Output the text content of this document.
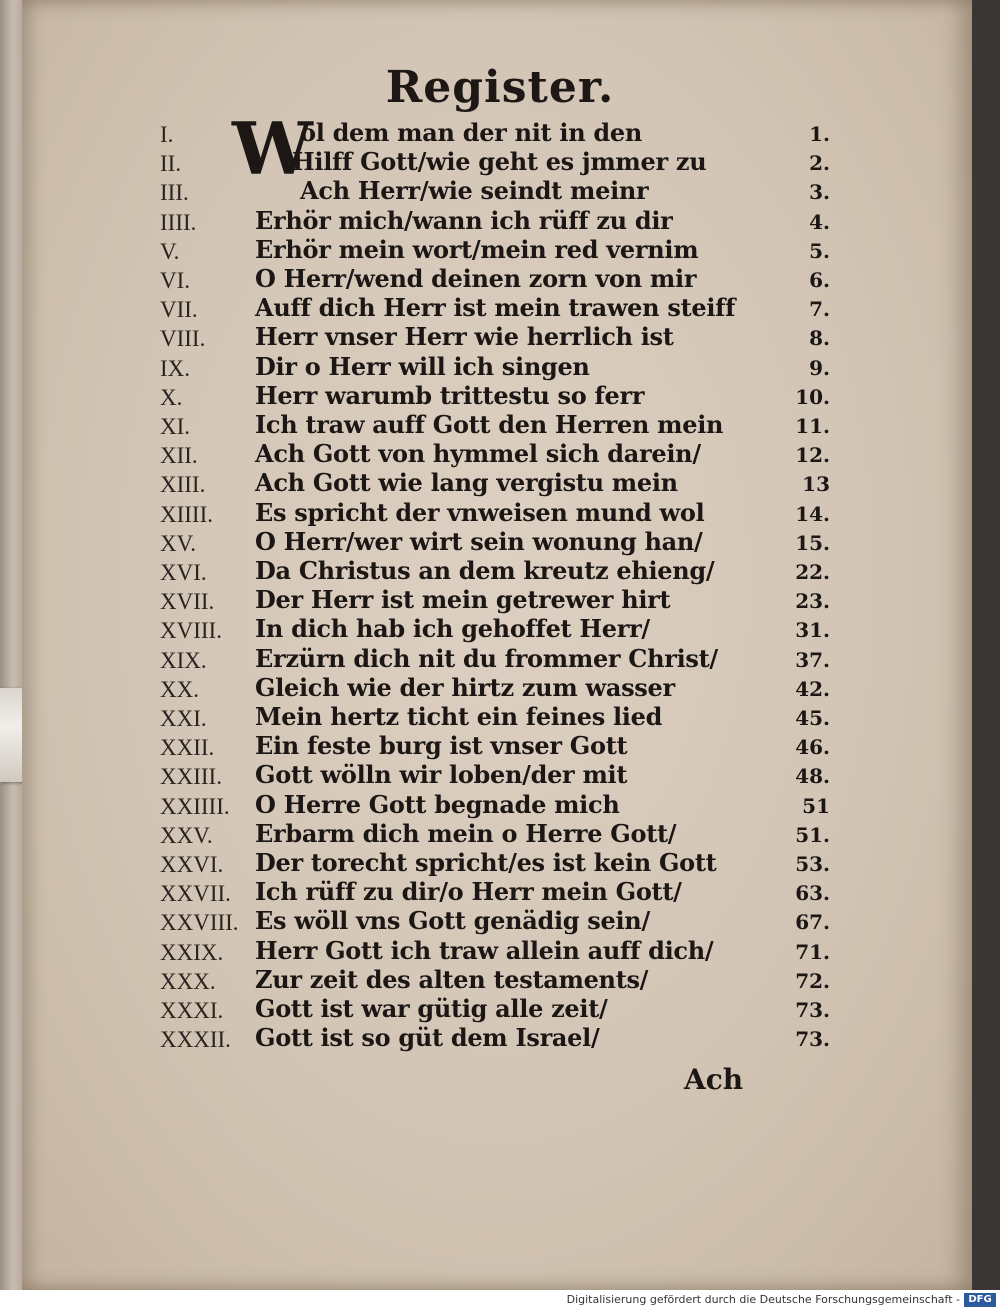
Register.
W
I.	ol dem man der nit in den	1.
II.	Hilff Gott/wie geht es jmmer zu	2.
III.	Ach Herr/wie seindt meinr	3.
IIII. Erhör mich/wann ich rüff zu dir	4.
V.	Erhör mein wort/mein red vernim	5.
VI.	O Herr/wend deinen zorn von mir	6.
VII. Auff dich Herr ist mein trawen steiff	7.
VIII. Herr vnser Herr wie herrlich ist	8.
IX.	Dir o Herr will ich singen	9.
X.	Herr warumb trittestu so ferr	10.
XI.	Ich traw auff Gott den Herren mein	11.
XII. Ach Gott von hymmel sich darein/	12.
XIII. Ach Gott wie lang vergistu mein	13
XIIII. Es spricht der vnweisen mund wol	14.
XV. O Herr/wer wirt sein wonung han/	15.
XVI. Da Christus an dem kreutz ehieng/	22.
XVII. Der Herr ist mein getrewer hirt	23.
XVIII. In dich hab ich gehoffet Herr/	31.
XIX. Erzürn dich nit du frommer Christ/	37.
XX. Gleich wie der hirtz zum wasser	42.
XXI. Mein hertz ticht ein feines lied	45.
XXII. Ein feste burg ist vnser Gott	46.
XXIII. Gott wölln wir loben/der mit	48.
XXIIII. O Herre Gott begnade mich	51
XXV. Erbarm dich mein o Herre Gott/	51.
XXVI. Der torecht spricht/es ist kein Gott	53.
XXVII. Ich rüff zu dir/o Herr mein Gott/	63.
XXVIII. Es wöll vns Gott genädig sein/	67.
XXIX. Herr Gott ich traw allein auff dich/	71.
XXX. Zur zeit des alten testaments/	72.
XXXI. Gott ist war gütig alle zeit/	73.
XXXII. Gott ist so güt dem Israel/	73.
Ach
Digitalisierung gefördert durch die Deutsche Forschungsgemeinschaft - DFG
